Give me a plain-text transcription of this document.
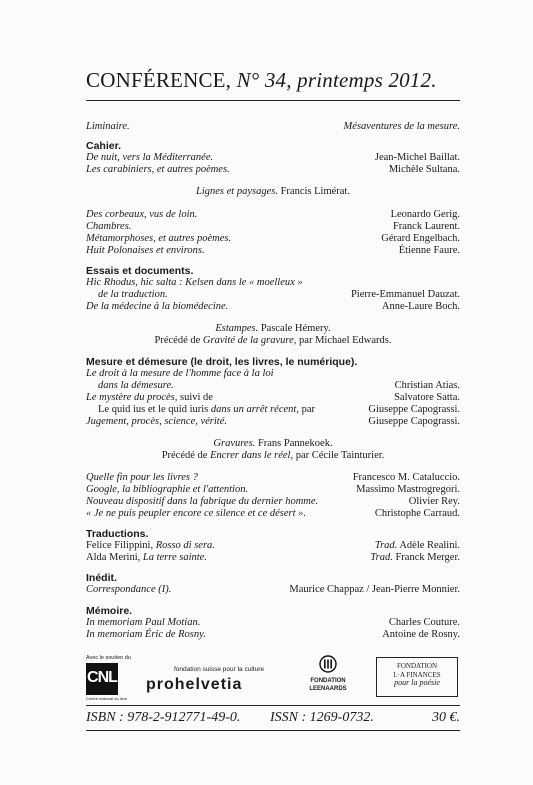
CONFÉRENCE, N° 34, printemps 2012.
Liminaire.	Mésaventures de la mesure.
Cahier.
De nuit, vers la Méditerranée.	Jean-Michel Baillat.
Les carabiniers, et autres poèmes.	Michèle Sultana.
Lignes et paysages. Francis Limérat.
Des corbeaux, vus de loin.	Leonardo Gerig.
Chambres.	Franck Laurent.
Métamorphoses, et autres poèmes.	Gérard Engelbach.
Huit Polonaises et environs.	Étienne Faure.
Essais et documents.
Hic Rhodus, hic salta : Kelsen dans le « moelleux »
de la traduction.	Pierre-Emmanuel Dauzat.
De la médecine à la biomédecine.	Anne-Laure Boch.
Estampes. Pascale Hémery.
Précédé de Gravité de la gravure, par Michael Edwards.
Mesure et démesure (le droit, les livres, le numérique).
Le droit à la mesure de l'homme face à la loi
dans la démesure.	Christian Atias.
Le mystère du procès, suivi de	Salvatore Satta.
Le quid ius et le quid iuris dans un arrêt récent, par	Giuseppe Capograssi.
Jugement, procès, science, vérité.	Giuseppe Capograssi.
Gravures. Frans Pannekoek.
Précédé de Encrer dans le réel, par Cécile Tainturier.
Quelle fin pour les livres ?	Francesco M. Cataluccio.
Google, la bibliographie et l'attention.	Massimo Mastrogregori.
Nouveau dispositif dans la fabrique du dernier homme.	Olivier Rey.
« Je ne puis peupler encore ce silence et ce désert ».	Christophe Carraud.
Traductions.
Felice Filippini, Rosso di sera.	Trad. Adèle Realini.
Alda Merini, La terre sainte.	Trad. Franck Merger.
Inédit.
Correspondance (I).	Maurice Chappaz / Jean-Pierre Monnier.
Mémoire.
In memoriam Paul Motian.	Charles Couture.
In memoriam Éric de Rosny.	Antoine de Rosny.
Avec le soutien du
CNL
Centre national du livre
fondation suisse pour la culture
prohelvetia	FONDATION
LEENAARDS
FONDATION
L·A FINANCES
pour la poésie
ISBN : 978-2-912771-49-0. ISSN : 1269-0732.	30 €.
